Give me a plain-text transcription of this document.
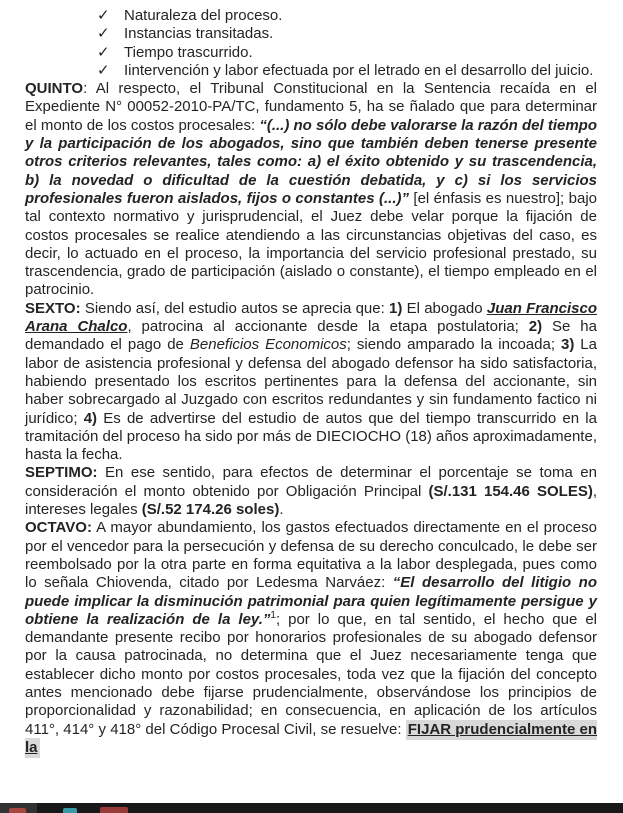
✓ Naturaleza del proceso.
✓ Instancias transitadas.
✓ Tiempo trascurrido.
✓ Iintervención y labor efectuada por el letrado en el desarrollo del juicio.

QUINTO: Al respecto, el Tribunal Constitucional en la Sentencia recaída en el Expediente N° 00052-2010-PA/TC, fundamento 5, ha se ñalado que para determinar el monto de los costos procesales: “(...) no sólo debe valorarse la razón del tiempo y la participación de los abogados, sino que también deben tenerse presente otros criterios relevantes, tales como: a) el éxito obtenido y su trascendencia, b) la novedad o dificultad de la cuestión debatida, y c) si los servicios profesionales fueron aislados, fijos o constantes (...)” [el énfasis es nuestro]; bajo tal contexto normativo y jurisprudencial, el Juez debe velar porque la fijación de costos procesales se realice atendiendo a las circunstancias objetivas del caso, es decir, lo actuado en el proceso, la importancia del servicio profesional prestado, su trascendencia, grado de participación (aislado o constante), el tiempo empleado en el patrocinio.

SEXTO: Siendo así, del estudio autos se aprecia que: 1) El abogado Juan Francisco Arana Chalco, patrocina al accionante desde la etapa postulatoria; 2) Se ha demandado el pago de Beneficios Economicos; siendo amparado la incoada; 3) La labor de asistencia profesional y defensa del abogado defensor ha sido satisfactoria, habiendo presentado los escritos pertinentes para la defensa del accionante, sin haber sobrecargado al Juzgado con escritos redundantes y sin fundamento factico ni jurídico; 4) Es de advertirse del estudio de autos que del tiempo transcurrido en la tramitación del proceso ha sido por más de DIECIOCHO (18) años aproximadamente, hasta la fecha.

SEPTIMO: En ese sentido, para efectos de determinar el porcentaje se toma en consideración el monto obtenido por Obligación Principal (S/.131 154.46 SOLES), intereses legales (S/.52 174.26 soles).

OCTAVO: A mayor abundamiento, los gastos efectuados directamente en el proceso por el vencedor para la persecución y defensa de su derecho conculcado, le debe ser reembolsado por la otra parte en forma equitativa a la labor desplegada, pues como lo señala Chiovenda, citado por Ledesma Narváez: “El desarrollo del litigio no puede implicar la disminución patrimonial para quien legítimamente persigue y obtiene la realización de la ley.”$^1$; por lo que, en tal sentido, el hecho que el demandante presente recibo por honorarios profesionales de su abogado defensor por la causa patrocinada, no determina que el Juez necesariamente tenga que establecer dicho monto por costos procesales, toda vez que la fijación del concepto antes mencionado debe fijarse prudencialmente, observándose los principios de proporcionalidad y razonabilidad; en consecuencia, en aplicación de los artículos 411°, 414° y 418° del Código Procesal Civil, se resuelve: FIJAR prudencialmente en la
